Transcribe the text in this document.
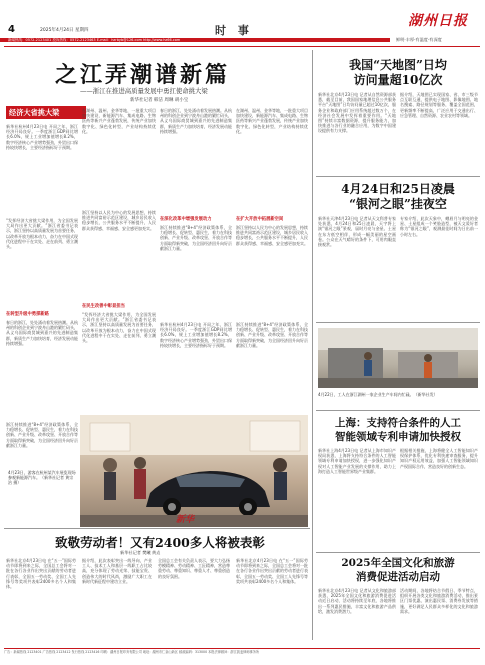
4	2025年4月24日 星期四	时 事
湖州日报
鲜明·丰厚·有温度·有深度
新闻热线：0572-2123401 投诉热线：0572-2123463 E-mail：hzrbyb@126.com http://www.hz66.com
之江弄潮谱新篇
——浙江在推进高质量发展中勇扛使命挑大梁
新华社记者 韩洁 周琳 胡小宝
经济大省挑大梁

新华社杭州4月23日电 开局之年，浙江经济开局良好。一季度浙江GDP同比增长6.0%，规上工业增加值增长8.2%，数字经济核心产业增势强劲，外贸出口保持较快增长，主要经济指标好于预期。

“发挥经济大省挑大梁作用，为全国发展大局作出更大贡献。”浙江省委书记表示，浙江坚持以高质量发展为首要任务，以改革开放为根本动力，奋力在中国式现代化进程中干在实处、走在前列、勇立潮头。

在转型升级中勇探新路

春日的浙江，处处涌动着发展热潮。从杭州的科创企业到宁波舟山港的繁忙码头，从义乌国际商贸城到嘉兴的先进制造集群，新质生产力加快培育，经济发展动能持续增强。

浙江持续推进“8+4”经济政策体系，全力稳增长、促转型、惠民生，着力在科技创新、产业升级、改革攻坚、开放合作等方面取得新突破，为全国经济回升向好贡献浙江力量。

在湖州、温州、金华等地，一批重大项目加快建设，新能源汽车、集成电路、生物医药等新兴产业蓬勃发展，传统产业加快数字化、绿色化转型，产业结构持续优化。

浙江坚持以人民为中心的发展思想，持续推进共同富裕示范区建设，城乡居民收入稳步增长，公共服务水平不断提升，人民群众获得感、幸福感、安全感更加充实。

在民生改善中彰显担当

“发挥经济大省挑大梁作用，为全国发展大局作出更大贡献。”浙江省委书记表示，浙江坚持以高质量发展为首要任务，以改革开放为根本动力，奋力在中国式现代化进程中干在实处、走在前列、勇立潮头。

春日的浙江，处处涌动着发展热潮。从杭州的科创企业到宁波舟山港的繁忙码头，从义乌国际商贸城到嘉兴的先进制造集群，新质生产力加快培育，经济发展动能持续增强。

在深化改革中增强发展动力

浙江持续推进“8+4”经济政策体系，全力稳增长、促转型、惠民生，着力在科技创新、产业升级、改革攻坚、开放合作等方面取得新突破，为全国经济回升向好贡献浙江力量。

新华社杭州4月23日电 开局之年，浙江经济开局良好。一季度浙江GDP同比增长6.0%，规上工业增加值增长8.2%，数字经济核心产业增势强劲，外贸出口保持较快增长，主要经济指标好于预期。

在湖州、温州、金华等地，一批重大项目加快建设，新能源汽车、集成电路、生物医药等新兴产业蓬勃发展，传统产业加快数字化、绿色化转型，产业结构持续优化。

在扩大开放中拓展新空间

浙江坚持以人民为中心的发展思想，持续推进共同富裕示范区建设，城乡居民收入稳步增长，公共服务水平不断提升，人民群众获得感、幸福感、安全感更加充实。

浙江持续推进“8+4”经济政策体系，全力稳增长、促转型、惠民生，着力在科技创新、产业升级、改革攻坚、开放合作等方面取得新突破，为全国经济回升向好贡献浙江力量。

新华
4月23日，游客在杭州某汽车展览现场参观新能源汽车。（新华社记者 黄宗治 摄）
致敬劳动者！又有2400多人将被表彰
新华社记者 樊曦 黄垚

新华社北京4月23日电 在“五一”国际劳动节即将到来之际，全国总工会将对一批在各行各业作出突出贡献的劳动者进行表彰，全国五一劳动奖、全国工人先锋号等奖项共表彰2400多名个人和集体。

据介绍，此次表彰突出一线导向，产业工人、技术工人和基层一线职工占比较高，充分体现了劳动光荣、技能宝贵、创造伟大的时代风尚，激励广大职工在新时代新征程中建功立业。

全国总工会有关负责人表示，要大力弘扬劳模精神、劳动精神、工匠精神，营造尊重劳动、尊重知识、尊重人才、尊重创造的良好氛围。

新华社北京4月23日电 在“五一”国际劳动节即将到来之际，全国总工会将对一批在各行各业作出突出贡献的劳动者进行表彰，全国五一劳动奖、全国工人先锋号等奖项共表彰2400多名个人和集体。

我国“天地图”日均
访问量超10亿次

新华社北京4月23日电 记者从自然资源部获悉，截至目前，我国国家地理信息公共服务平台“天地图”日均访问量已超过10亿次，服务企业和政府部门应用系统超过数万个，在经济社会发展中发挥着重要作用。“天地图”持续丰富数据资源，提升服务能力，加快推进与各行业的融合应用，为数字中国建设提供有力支撑。

据介绍，天地图已实现国家、省、市三级节点互联互通，提供电子地图、影像地图、地名搜索、路径规划等服务，覆盖全国范围，更新频率不断提高，广泛应用于交通出行、应急管理、自然资源、农业农村等领域。

4月24日和25日凌晨
“银河之眼”挂夜空

新华社天津4月23日电 记者从天文科普专家处获悉，4月24日和25日凌晨，天宇将上演“银河之眼”景观，届时月亮与金星、土星在东方低空相伴，形成一幅美丽的星空画卷。公众在天气晴好的条件下，可用肉眼直接观赏。

专家介绍，此次天象中，蛾眉月与明亮的金星、土星组成一个笑脸造型，被天文爱好者称为“银河之眼”，观测最佳时间为日出前一小时左右。

4月22日，工人在浙江湖州一家企业生产车间内忙碌。（新华社发）
上海：支持符合条件的人工
智能领域专利申请加快授权

新华社上海4月23日电 记者从上海市知识产权局获悉，上海将支持符合条件的人工智能领域专利申请加快授权，进一步强化知识产权对人工智能产业发展的支撑作用，助力上海打造人工智能世界级产业集群。

根据相关措施，上海将健全人工智能知识产权保护体系，优化专利快速审查服务，提升知识产权运用效益，加强人工智能领域知识产权国际合作，营造良好的创新生态。

2025年全国文化和旅游
消费促进活动启动

新华社北京4月23日电 记者从文化和旅游部获悉，2025年全国文化和旅游消费促进活动近日启动，活动将持续至年底，各地将推出一系列惠民措施，丰富文化和旅游产品供给，激发消费潜力。

活动期间，各地将结合节假日、季节特点，组织开展各类文化和旅游消费活动，推出景区门票优惠、演出惠民票、消费券发放等措施，更好满足人民群众多样化的文化和旅游需求。

广告：新闻热线 2123401 广告热线 2123412 发行热线 2123416 印刷：湖州日报印务有限公司 地址：湖州市仁皇山新区 邮政编码：313000 本报法律顾问：浙江凯麦律师事务所
